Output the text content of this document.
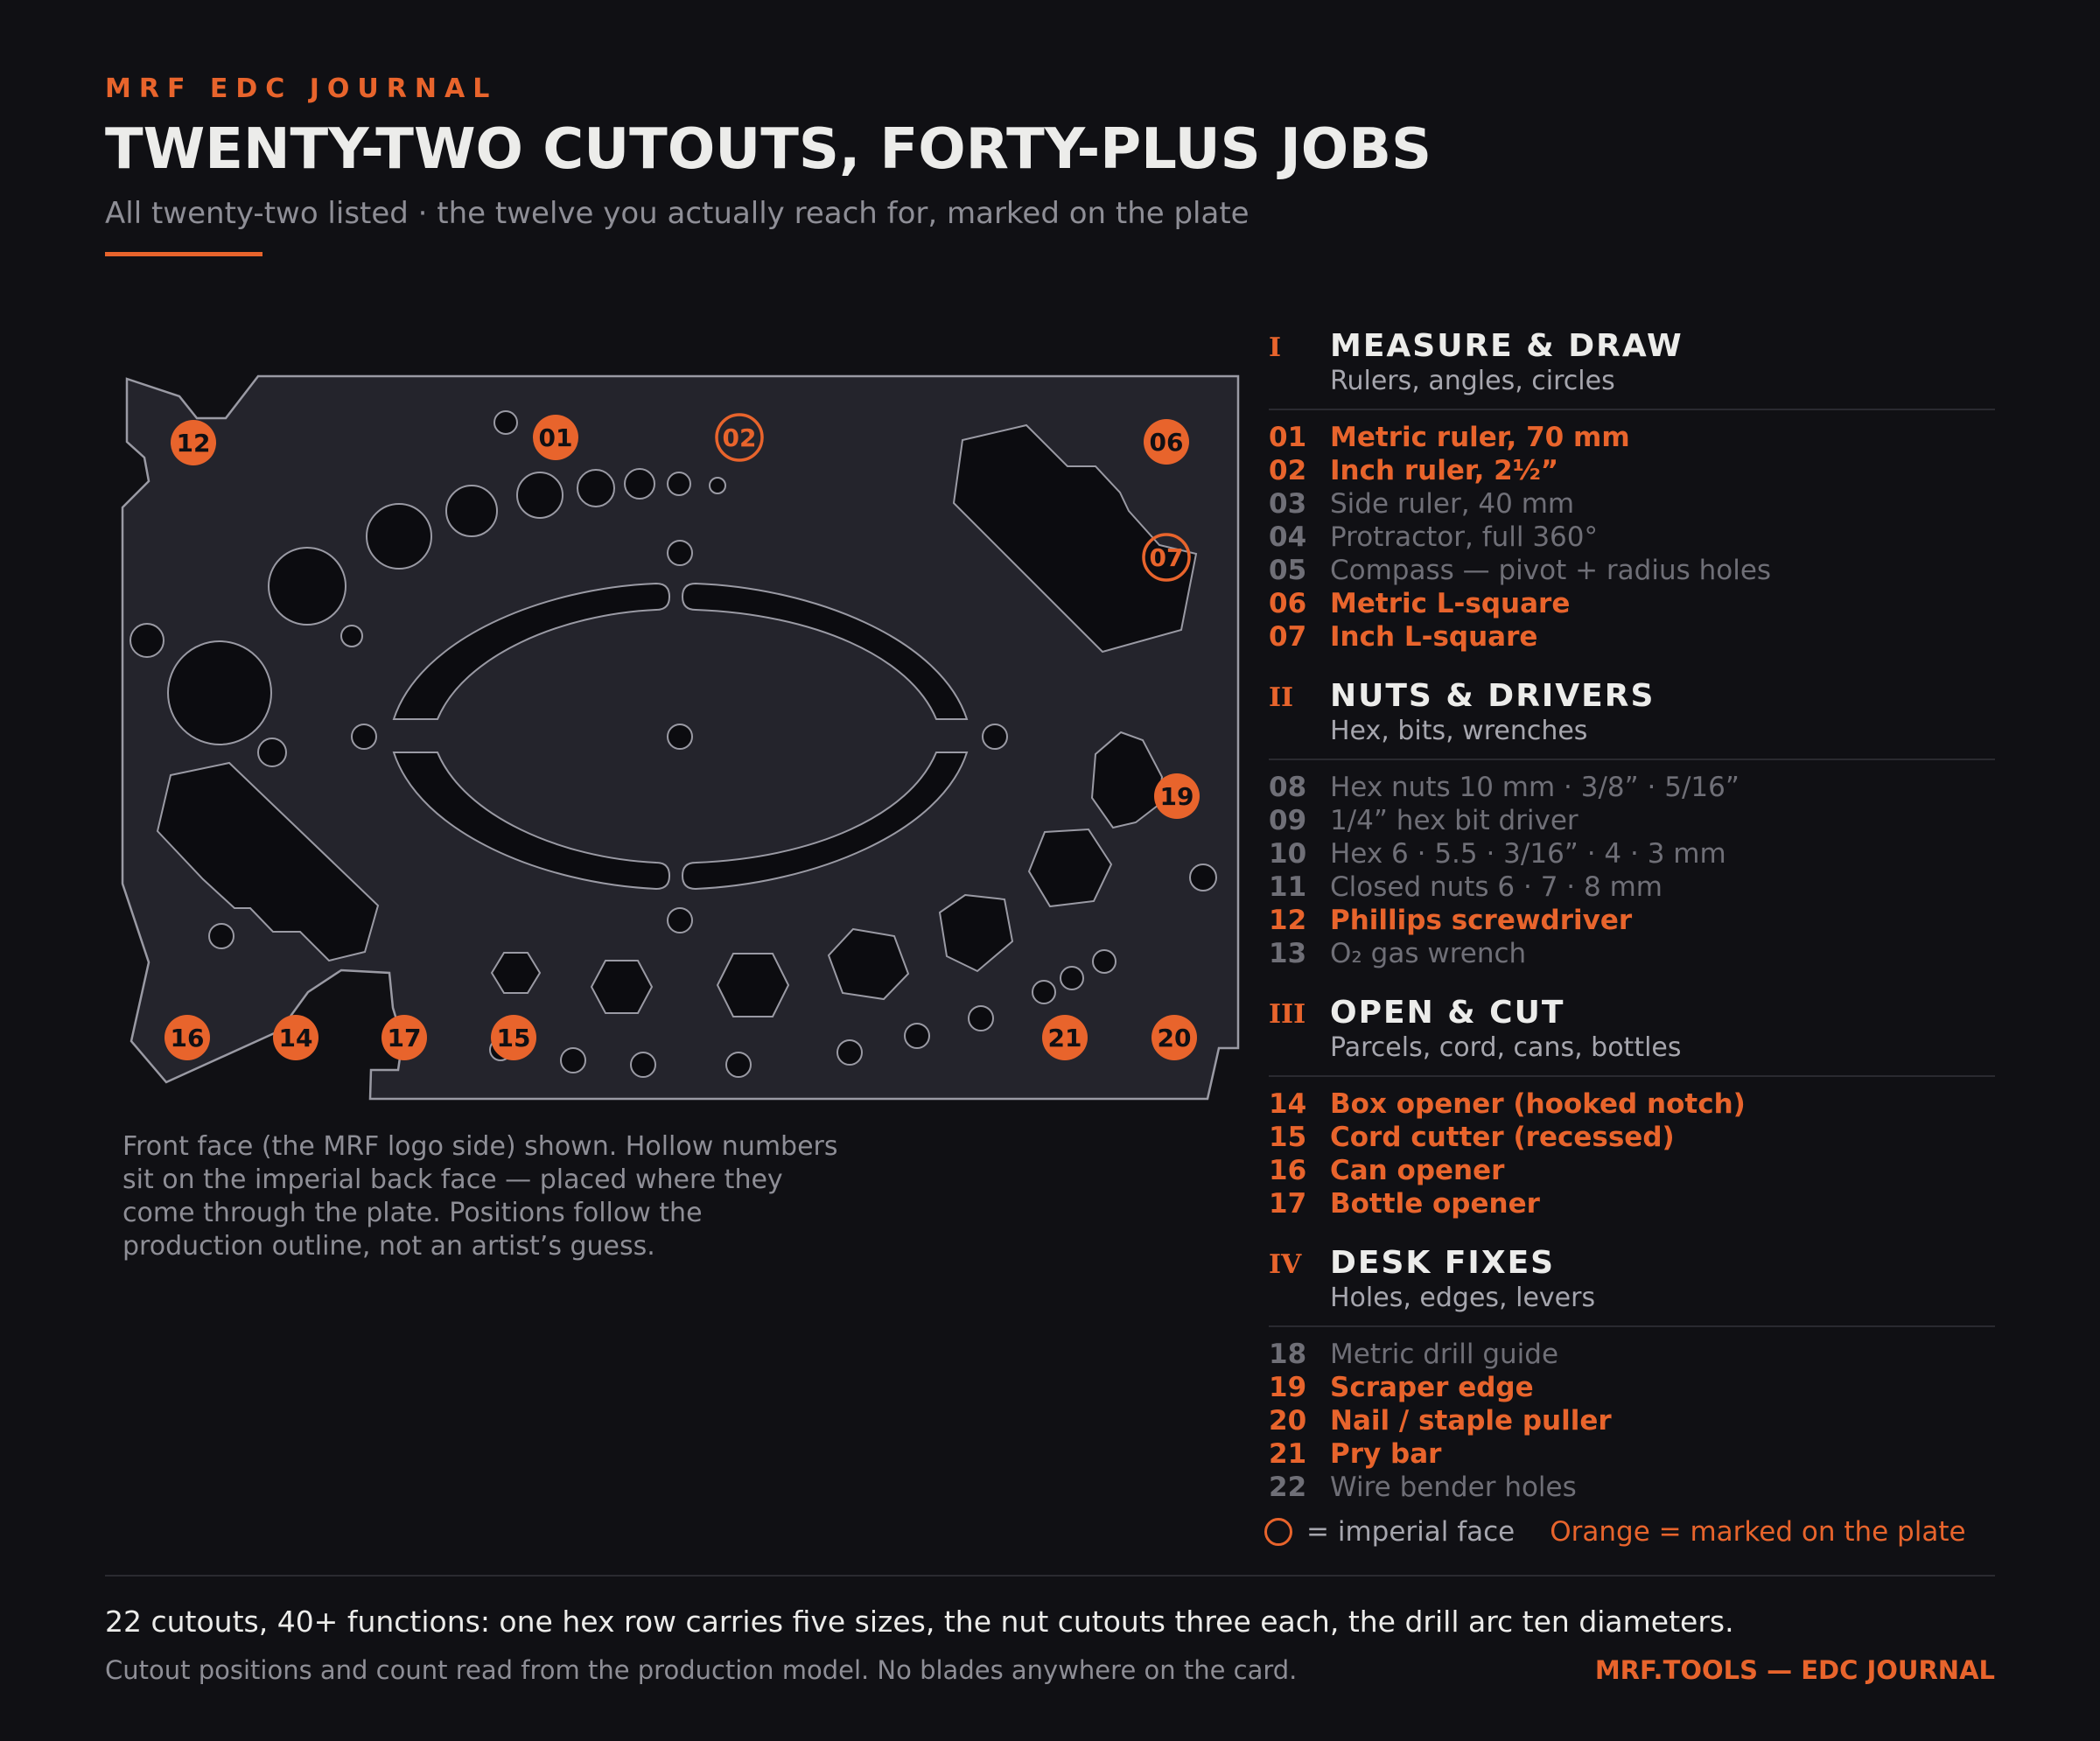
MRF EDC JOURNAL
TWENTY-TWO CUTOUTS, FORTY-PLUS JOBS
All twenty-two listed · the twelve you actually reach for, marked on the plate
01	02	06
07
12
14	15
16	17
19
20
21
Front face (the MRF logo side) shown. Hollow numbers
sit on the imperial back face — placed where they
come through the plate. Positions follow the
production outline, not an artist’s guess.
I	MEASURE & DRAW
Rulers, angles, circles
01 Metric ruler, 70 mm
02 Inch ruler, 2½”
03 Side ruler, 40 mm
04 Protractor, full 360°
05 Compass — pivot + radius holes
06 Metric L-square
07 Inch L-square
II	NUTS & DRIVERS
Hex, bits, wrenches
08 Hex nuts 10 mm · 3/8” · 5/16”
09 1/4” hex bit driver
10 Hex 6 · 5.5 · 3/16” · 4 · 3 mm
11 Closed nuts 6 · 7 · 8 mm
12 Phillips screwdriver
13 O₂ gas wrench
III OPEN & CUT
Parcels, cord, cans, bottles
14 Box opener (hooked notch)
15 Cord cutter (recessed)
16 Can opener
17 Bottle opener
IV DESK FIXES
Holes, edges, levers
18 Metric drill guide
19 Scraper edge
20 Nail / staple puller
21 Pry bar
22 Wire bender holes
= imperial face Orange = marked on the plate
22 cutouts, 40+ functions: one hex row carries five sizes, the nut cutouts three each, the drill arc ten diameters.
Cutout positions and count read from the production model. No blades anywhere on the card.	MRF.TOOLS — EDC JOURNAL
